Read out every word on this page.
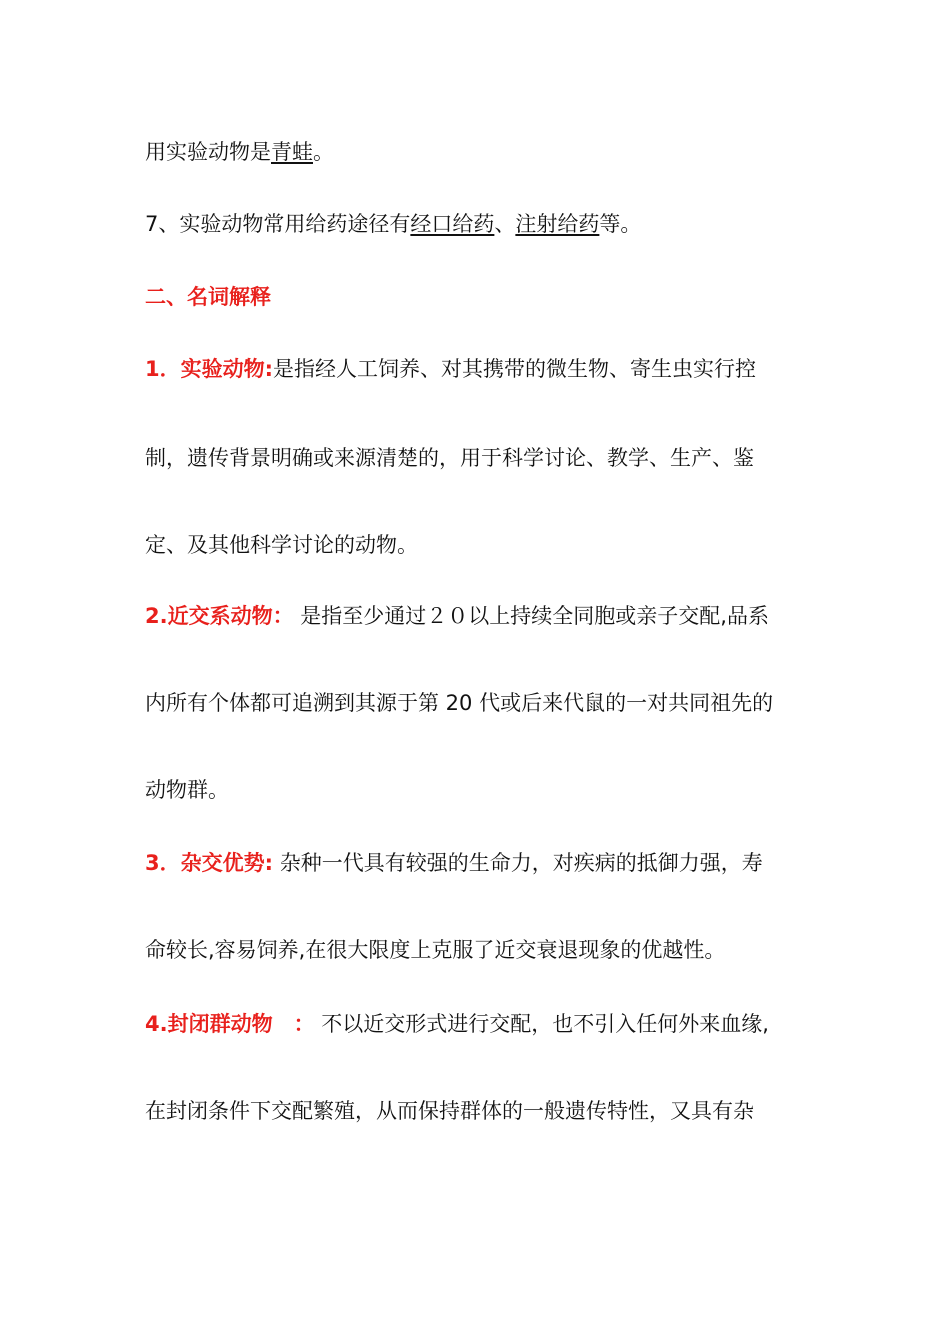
用实验动物是青蛙。

7、实验动物常用给药途径有经口给药、注射给药等。

二、名词解释

1．实验动物:是指经人工饲养、对其携带的微生物、寄生虫实行控

制，遗传背景明确或来源清楚的，用于科学讨论、教学、生产、鉴

定、及其他科学讨论的动物。

2.近交系动物： 是指至少通过２０以上持续全同胞或亲子交配,品系

内所有个体都可追溯到其源于第 20 代或后来代鼠的一对共同祖先的

动物群。

3．杂交优势: 杂种一代具有较强的生命力，对疾病的抵御力强，寿

命较长,容易饲养,在很大限度上克服了近交衰退现象的优越性。

4.封闭群动物　： 不以近交形式进行交配，也不引入任何外来血缘,

在封闭条件下交配繁殖，从而保持群体的一般遗传特性，又具有杂
